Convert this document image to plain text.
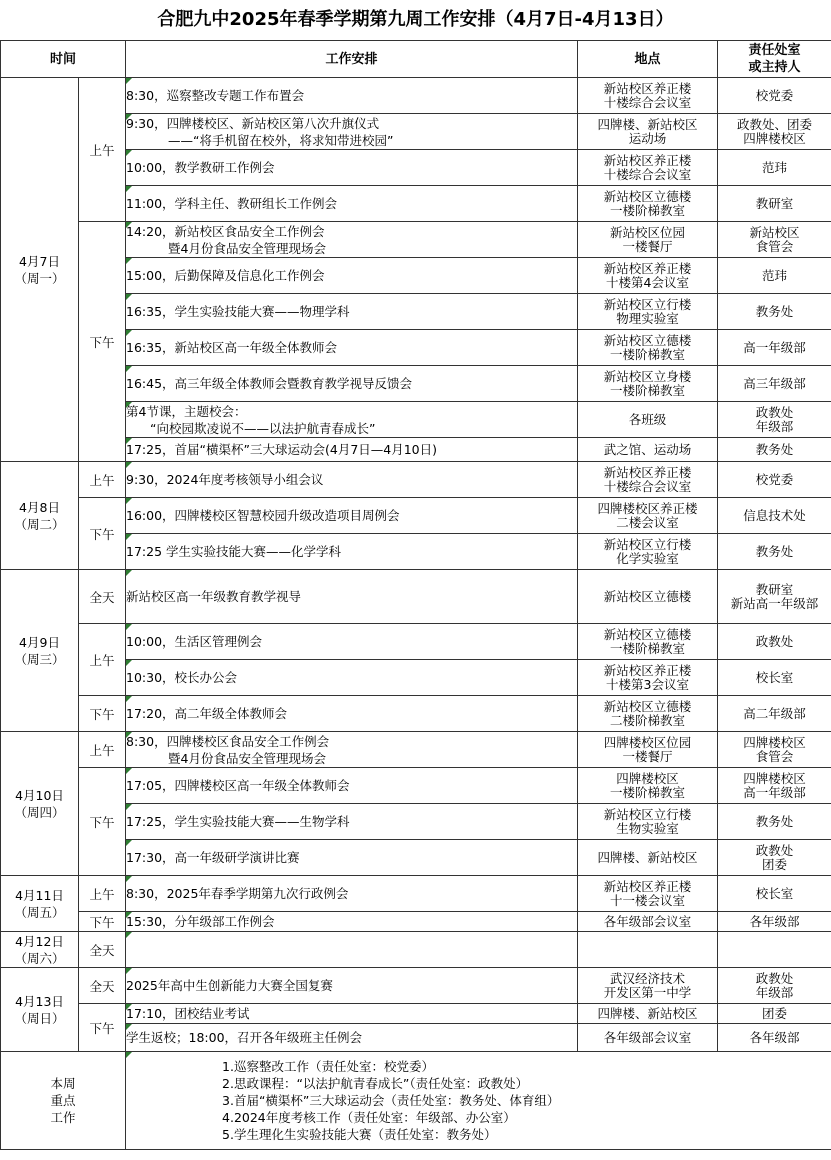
合肥九中2025年春季学期第九周工作安排（4月7日-4月13日）
时间		工作安排	地点	责任处室
或主持人

4月7日
（周一）	上午	8:30，巡察整改专题工作布置会	新站校区养正楼
十楼综合会议室	校党委

		9:30，四牌楼校区、新站校区第八次升旗仪式
——“将手机留在校外，将求知带进校园”	四牌楼、新站校区
运动场	政教处、团委
四牌楼校区

		10:00，教学教研工作例会	新站校区养正楼
十楼综合会议室	范玮

		11:00，学科主任、教研组长工作例会	新站校区立德楼
一楼阶梯教室	教研室

	下午	14:20，新站校区食品安全工作例会
暨4月份食品安全管理现场会	新站校区位园
一楼餐厅	新站校区
食管会

		15:00，后勤保障及信息化工作例会	新站校区养正楼
十楼第4会议室	范玮

		16:35，学生实验技能大赛——物理学科	新站校区立行楼
物理实验室	教务处

		16:35，新站校区高一年级全体教师会	新站校区立德楼
一楼阶梯教室	高一年级部

		16:45，高三年级全体教师会暨教育教学视导反馈会	新站校区立身楼
一楼阶梯教室	高三年级部

		第4节课，主题校会：
“向校园欺凌说不——以法护航青春成长”	各班级	政教处
年级部

		17:25，首届“横渠杯”三大球运动会(4月7日—4月10日)	武之馆、运动场	教务处

4月8日
（周二）	上午	9:30，2024年度考核领导小组会议	新站校区养正楼
十楼综合会议室	校党委

	下午	16:00，四牌楼校区智慧校园升级改造项目周例会	四牌楼校区养正楼
二楼会议室	信息技术处

		17:25 学生实验技能大赛——化学学科	新站校区立行楼
化学实验室	教务处

4月9日
（周三）	全天	新站校区高一年级教育教学视导	新站校区立德楼	教研室
新站高一年级部

	上午	10:00，生活区管理例会	新站校区立德楼
一楼阶梯教室	政教处

		10:30，校长办公会	新站校区养正楼
十楼第3会议室	校长室

	下午	17:20，高二年级全体教师会	新站校区立德楼
二楼阶梯教室	高二年级部

4月10日
（周四）	上午	8:30，四牌楼校区食品安全工作例会
暨4月份食品安全管理现场会	四牌楼校区位园
一楼餐厅	四牌楼校区
食管会

	下午	17:05，四牌楼校区高一年级全体教师会	四牌楼校区
一楼阶梯教室	四牌楼校区
高一年级部

		17:25，学生实验技能大赛——生物学科	新站校区立行楼
生物实验室	教务处

		17:30，高一年级研学演讲比赛	四牌楼、新站校区	政教处
团委

4月11日
（周五）	上午	8:30，2025年春季学期第九次行政例会	新站校区养正楼
十一楼会议室	校长室

	下午	15:30，分年级部工作例会	各年级部会议室	各年级部

4月12日
（周六）	全天	

4月13日
（周日）	全天	2025年高中生创新能力大赛全国复赛	武汉经济技术
开发区第一中学	政教处
年级部

	下午	17:10，团校结业考试	四牌楼、新站校区	团委

		学生返校；18:00，召开各年级班主任例会	各年级部会议室	各年级部

本周
重点
工作		1.巡察整改工作（责任处室：校党委）
2.思政课程：“以法护航青春成长”（责任处室：政教处）
3.首届“横渠杯”三大球运动会（责任处室：教务处、体育组）
4.2024年度考核工作（责任处室：年级部、办公室）
5.学生理化生实验技能大赛（责任处室：教务处）		
